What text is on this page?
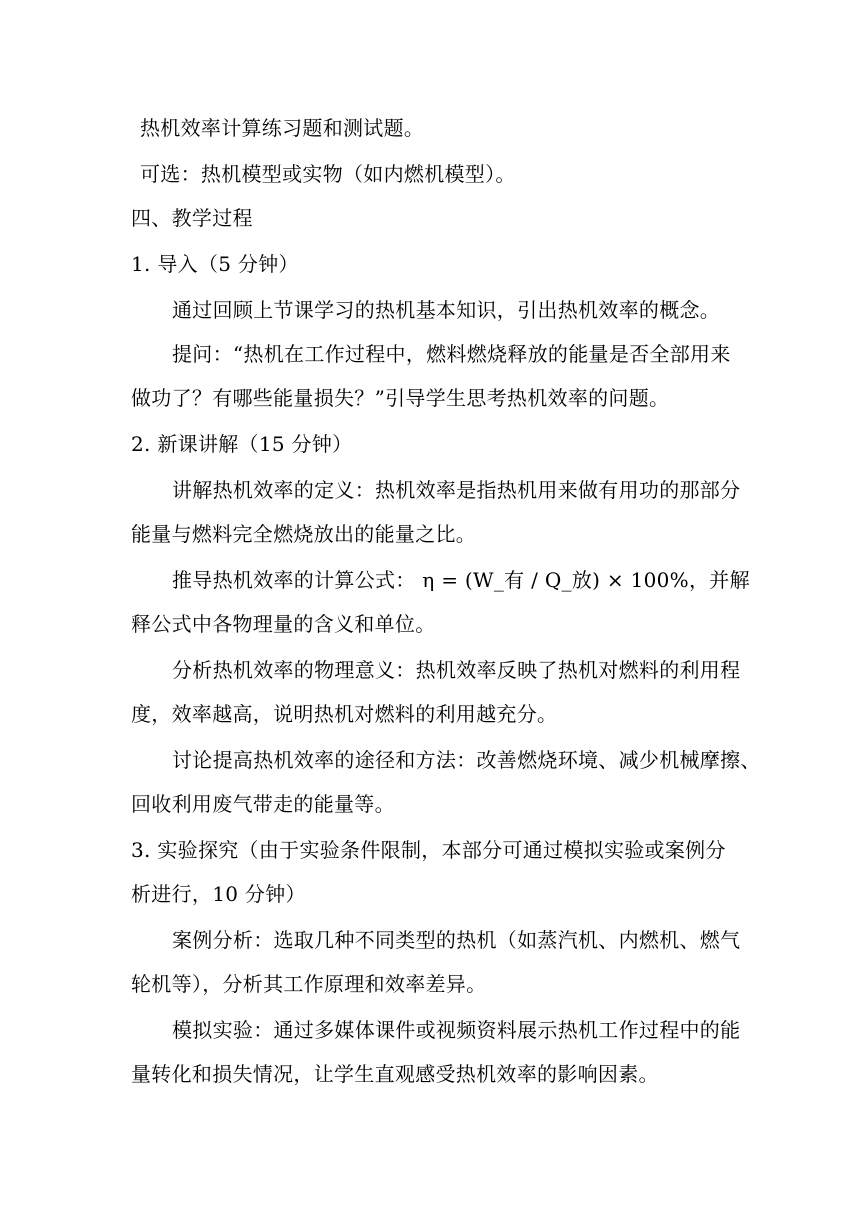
热机效率计算练习题和测试题。
可选：热机模型或实物（如内燃机模型）。
四、教学过程
1. 导入（5 分钟）
通过回顾上节课学习的热机基本知识，引出热机效率的概念。
提问：“热机在工作过程中，燃料燃烧释放的能量是否全部用来
做功了？有哪些能量损失？”引导学生思考热机效率的问题。
2. 新课讲解（15 分钟）
讲解热机效率的定义：热机效率是指热机用来做有用功的那部分
能量与燃料完全燃烧放出的能量之比。
推导热机效率的计算公式： η = (W_有 / Q_放) × 100%，并解
释公式中各物理量的含义和单位。
分析热机效率的物理意义：热机效率反映了热机对燃料的利用程
度，效率越高，说明热机对燃料的利用越充分。
讨论提高热机效率的途径和方法：改善燃烧环境、减少机械摩擦、
回收利用废气带走的能量等。
3. 实验探究（由于实验条件限制，本部分可通过模拟实验或案例分
析进行，10 分钟）
案例分析：选取几种不同类型的热机（如蒸汽机、内燃机、燃气
轮机等），分析其工作原理和效率差异。
模拟实验：通过多媒体课件或视频资料展示热机工作过程中的能
量转化和损失情况，让学生直观感受热机效率的影响因素。
